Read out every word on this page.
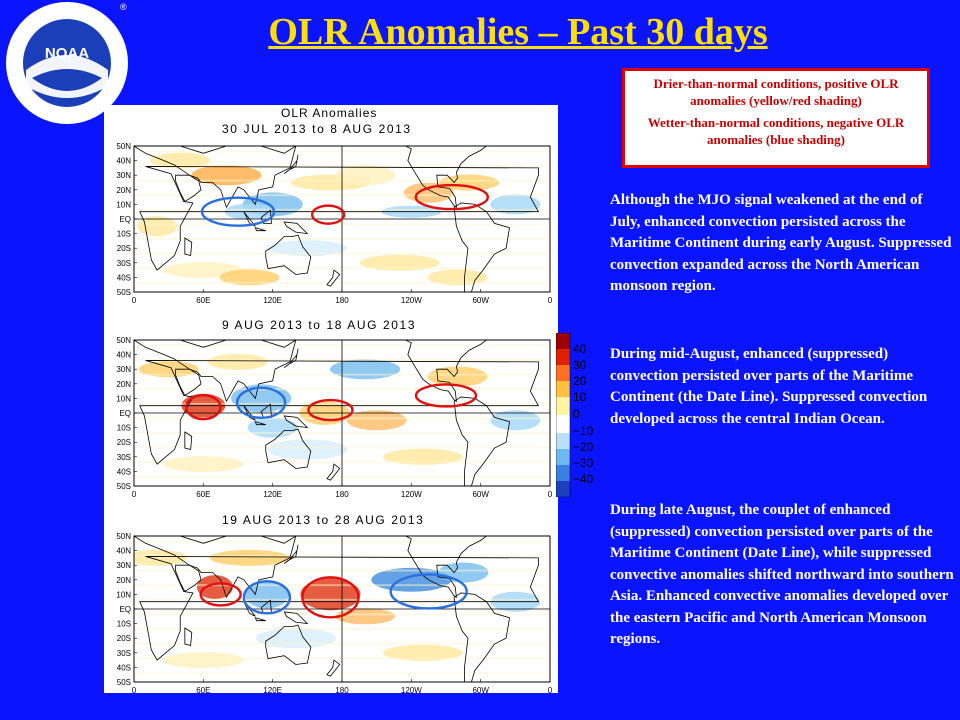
OLR Anomalies – Past 30 days
NOAA
®

Drier-than-normal conditions, positive OLR anomalies (yellow/red shading)

Wetter-than-normal conditions, negative OLR anomalies (blue shading)

Although the MJO signal weakened at the end of July, enhanced convection persisted across the Maritime Continent during early August. Suppressed convection expanded across the North American monsoon region.
During mid-August, enhanced (suppressed) convection persisted over parts of the Maritime Continent (the Date Line). Suppressed convection developed across the central Indian Ocean.
During late August, the couplet of enhanced (suppressed) convection persisted over parts of the Maritime Continent (Date Line), while suppressed convective anomalies shifted northward into southern Asia. Enhanced convective anomalies developed over the eastern Pacific and North American Monsoon regions.
OLR Anomalies
30 JUL 2013 to 8 AUG 2013
50N
40N
30N
20N
10N
EQ
10S
20S
30S
40S
50S
0	60E	120E	180	120W	60W	0
9 AUG 2013 to 18 AUG 2013
50N
40N
30N
20N
10N
EQ
10S
20S
30S
40S
50S
0	60E	120E	180	120W	60W	0
19 AUG 2013 to 28 AUG 2013
50N
40N
30N
20N
10N
EQ
10S
20S
30S
40S
50S
0	60E	120E	180	120W	60W	0
40
30
20
10
0
−10
−20
−30
−40
